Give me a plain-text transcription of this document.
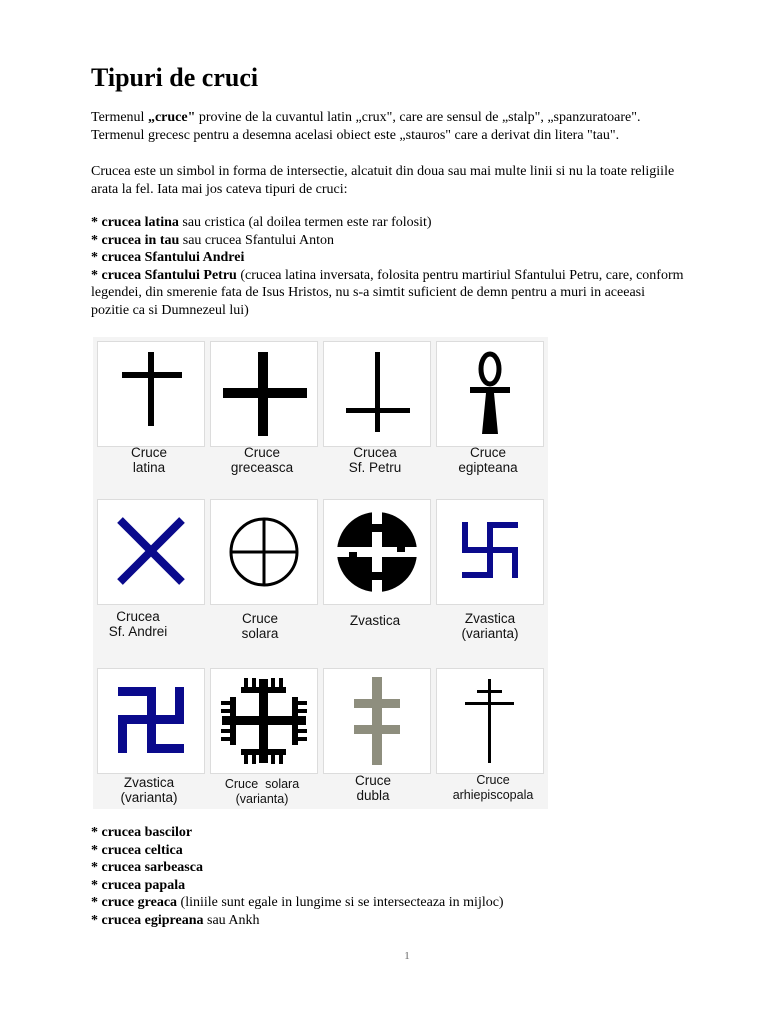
Tipuri de cruci

Termenul „cruce" provine de la cuvantul latin „crux", care are sensul de „stalp", „spanzuratoare".
Termenul grecesc pentru a desemna acelasi obiect este „stauros" care a derivat din litera "tau".

Crucea este un simbol in forma de intersectie, alcatuit din doua sau mai multe linii si nu la toate religiile
arata la fel. Iata mai jos cateva tipuri de cruci:

* crucea latina sau cristica (al doilea termen este rar folosit)
* crucea in tau sau crucea Sfantului Anton
* crucea Sfantului Andrei
* crucea Sfantului Petru (crucea latina inversata, folosita pentru martiriul Sfantului Petru, care, conform
legendei, din smerenie fata de Isus Hristos, nu s-a simtit suficient de demn pentru a muri in aceeasi
pozitie ca si Dumnezeul lui)

Cruce
latina
Cruce
greceasca
Crucea
Sf. Petru
Cruce
egipteana
Crucea
Sf. Andrei
Cruce
solara
Zvastica	Zvastica
(varianta)
Zvastica
(varianta)
Cruce  solara
(varianta)
Cruce
dubla
Cruce
arhiepiscopala

* crucea bascilor
* crucea celtica
* crucea sarbeasca
* crucea papala
* cruce greaca (liniile sunt egale in lungime si se intersecteaza in mijloc)
* crucea egipreana sau Ankh

1
